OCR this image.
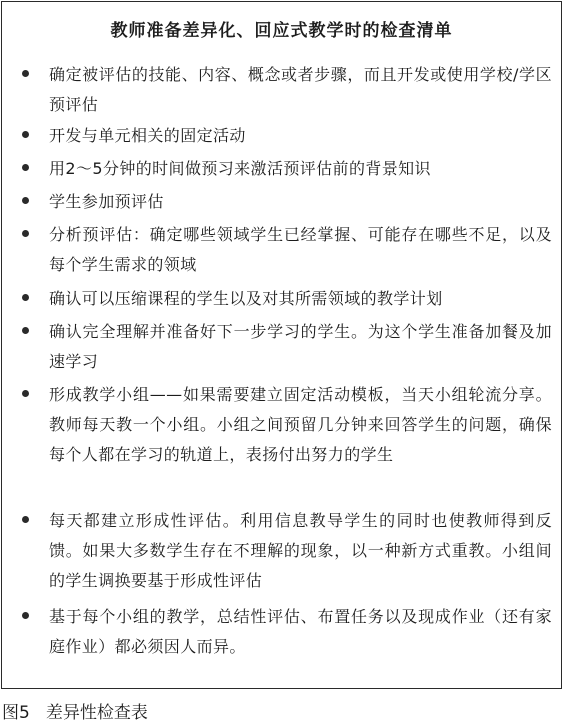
教师准备差异化、回应式教学时的检查清单
确定被评估的技能、内容、概念或者步骤，而且开发或使用学校/学区预评估
开发与单元相关的固定活动
用2～5分钟的时间做预习来激活预评估前的背景知识
学生参加预评估
分析预评估：确定哪些领域学生已经掌握、可能存在哪些不足，以及每个学生需求的领域
确认可以压缩课程的学生以及对其所需领域的教学计划
确认完全理解并准备好下一步学习的学生。为这个学生准备加餐及加速学习
形成教学小组——如果需要建立固定活动模板，当天小组轮流分享。教师每天教一个小组。小组之间预留几分钟来回答学生的问题，确保每个人都在学习的轨道上，表扬付出努力的学生
每天都建立形成性评估。利用信息教导学生的同时也使教师得到反馈。如果大多数学生存在不理解的现象，以一种新方式重教。小组间的学生调换要基于形成性评估
基于每个小组的教学，总结性评估、布置任务以及现成作业（还有家庭作业）都必须因人而异。
图5 差异性检查表
